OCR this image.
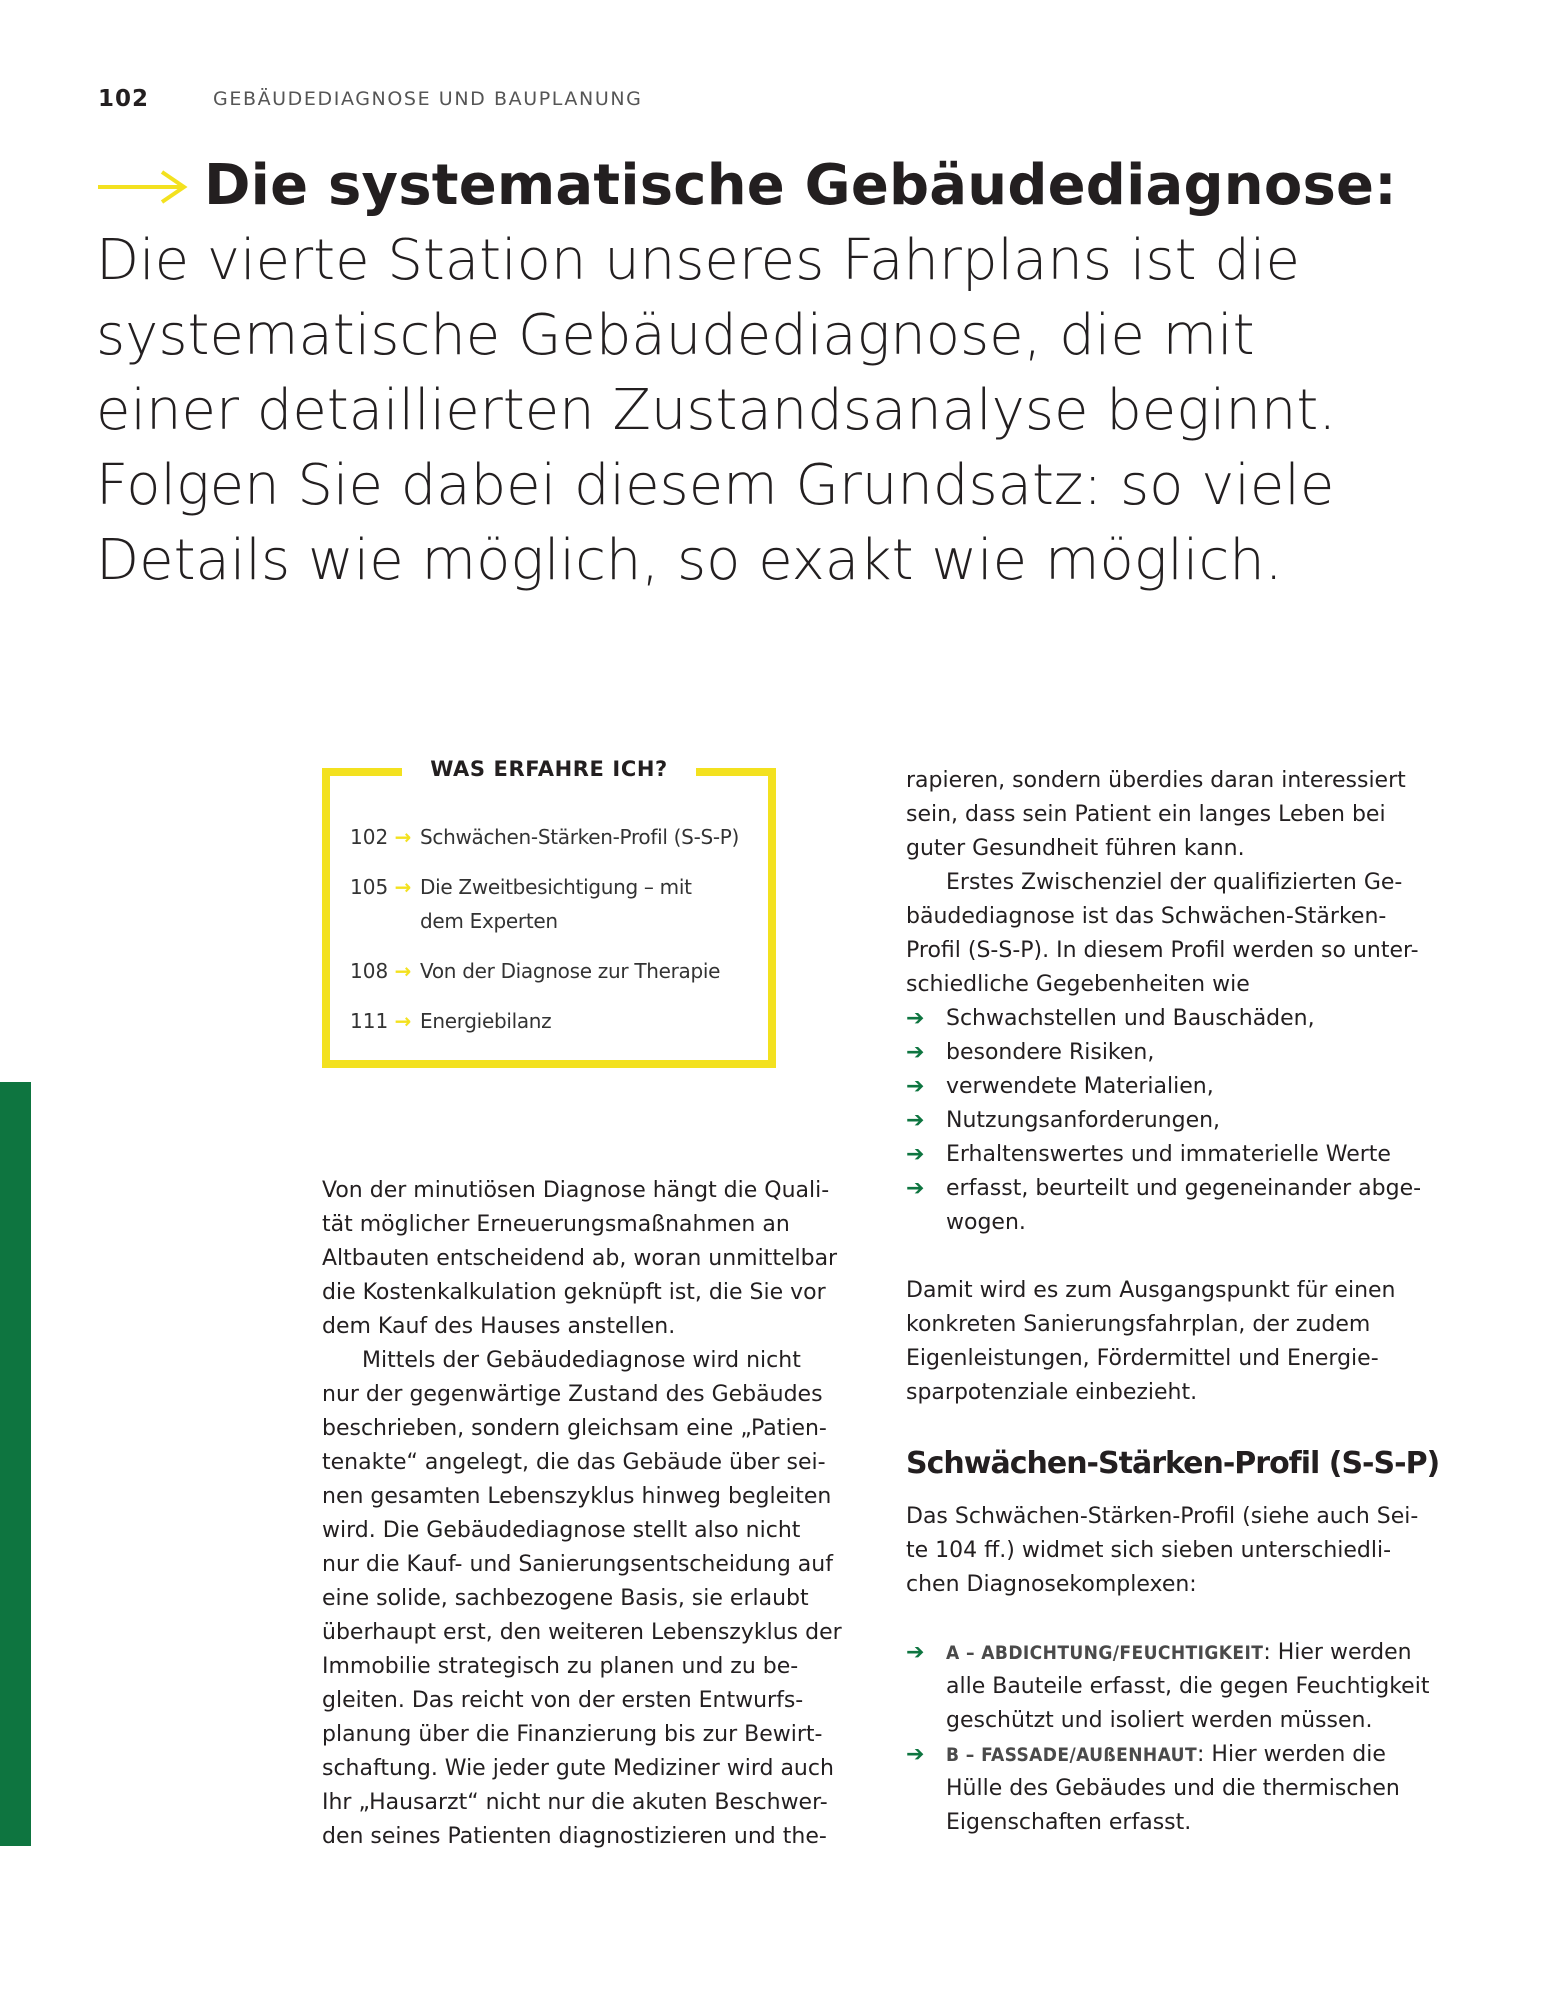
102	GEBÄUDEDIAGNOSE UND BAUPLANUNG
Die systematische Gebäudediagnose:
Die vierte Station unseres Fahrplans ist die
systematische Gebäudediagnose, die mit
einer detaillierten Zustandsanalyse beginnt.
Folgen Sie dabei diesem Grundsatz: so viele
Details wie möglich, so exakt wie möglich.
WAS ERFAHRE ICH?
102 → Schwächen-Stärken-Profil (S-S-P)
105 → Die Zweitbesichtigung – mit
dem Experten
108 → Von der Diagnose zur Therapie
111 → Energiebilanz

Von der minutiösen Diagnose hängt die Quali-
tät möglicher Erneuerungsmaßnahmen an
Altbauten entscheidend ab, woran unmittelbar
die Kostenkalkulation geknüpft ist, die Sie vor
dem Kauf des Hauses anstellen.

Mittels der Gebäudediagnose wird nicht
nur der gegenwärtige Zustand des Gebäudes
beschrieben, sondern gleichsam eine „Patien-
tenakte“ angelegt, die das Gebäude über sei-
nen gesamten Lebenszyklus hinweg begleiten
wird. Die Gebäudediagnose stellt also nicht
nur die Kauf- und Sanierungsentscheidung auf
eine solide, sachbezogene Basis, sie erlaubt
überhaupt erst, den weiteren Lebenszyklus der
Immobilie strategisch zu planen und zu be-
gleiten. Das reicht von der ersten Entwurfs-
planung über die Finanzierung bis zur Bewirt-
schaftung. Wie jeder gute Mediziner wird auch
Ihr „Hausarzt“ nicht nur die akuten Beschwer-
den seines Patienten diagnostizieren und the-

rapieren, sondern überdies daran interessiert
sein, dass sein Patient ein langes Leben bei
guter Gesundheit führen kann.

Erstes Zwischenziel der qualifizierten Ge-
bäudediagnose ist das Schwächen-Stärken-
Profil (S-S-P). In diesem Profil werden so unter-
schiedliche Gegebenheiten wie

➔ Schwachstellen und Bauschäden,
➔ besondere Risiken,
➔ verwendete Materialien,
➔ Nutzungsanforderungen,
➔ Erhaltenswertes und immaterielle Werte
➔ erfasst, beurteilt und gegeneinander abge-
wogen.

Damit wird es zum Ausgangspunkt für einen
konkreten Sanierungsfahrplan, der zudem
Eigenleistungen, Fördermittel und Energie-
sparpotenziale einbezieht.

Schwächen-Stärken-Profil (S-S-P)

Das Schwächen-Stärken-Profil (siehe auch Sei-
te 104 ff.) widmet sich sieben unterschiedli-
chen Diagnosekomplexen:

➔	A – ABDICHTUNG/FEUCHTIGKEIT: Hier werden
alle Bauteile erfasst, die gegen Feuchtigkeit
geschützt und isoliert werden müssen.
➔	B – FASSADE/AUßENHAUT: Hier werden die
Hülle des Gebäudes und die thermischen
Eigenschaften erfasst.
